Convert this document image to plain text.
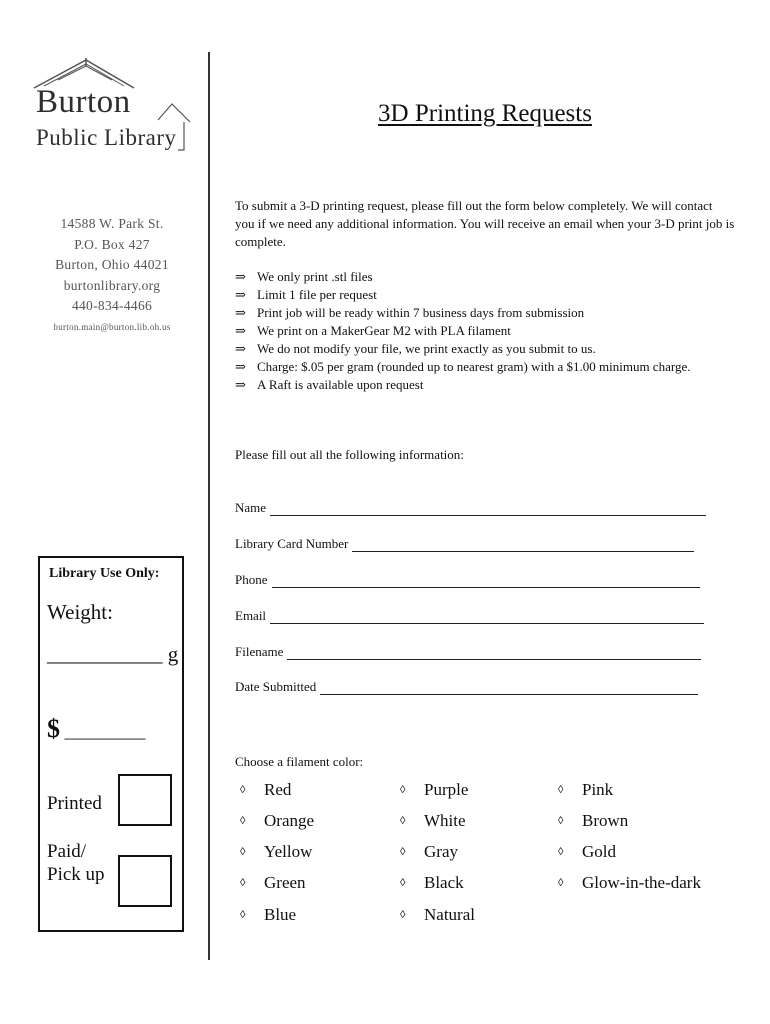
Burton
Public Library
14588 W. Park St.
P.O. Box 427
Burton, Ohio 44021
burtonlibrary.org
440-834-4466
burton.main@burton.lib.oh.us
Library Use Only:
Weight:
___________ g
$ _________
Printed
Paid/ Pick up
3D Printing Requests
To submit a 3-D printing request, please fill out the form below completely. We will contact you if we need any additional information. You will receive an email when your 3-D print job is complete.
⇒ We only print .stl files
⇒ Limit 1 file per request
⇒ Print job will be ready within 7 business days from submission
⇒ We print on a MakerGear M2 with PLA filament
⇒ We do not modify your file, we print exactly as you submit to us.
⇒ Charge: $.05 per gram (rounded up to nearest gram) with a $1.00 minimum charge.
⇒ A Raft is available upon request
Please fill out all the following information:
Name
Library Card Number
Phone
Email
Filename
Date Submitted
Choose a filament color:
◊ Red
◊ Orange
◊ Yellow
◊ Green
◊ Blue
◊ Purple
◊ White
◊ Gray
◊ Black
◊ Natural
◊ Pink
◊ Brown
◊ Gold
◊ Glow-in-the-dark
